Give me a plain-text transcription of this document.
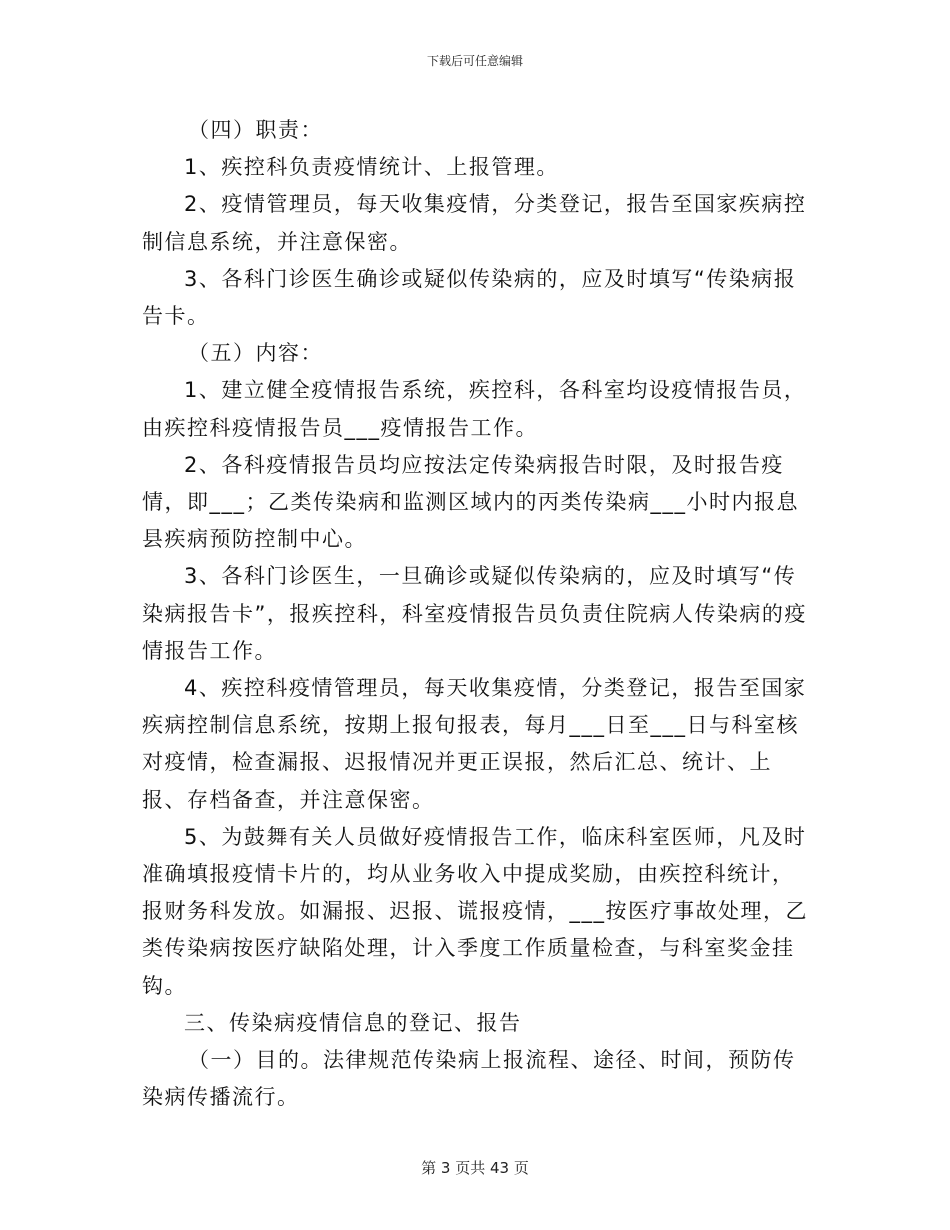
下载后可任意编辑

（四）职责：

1、疾控科负责疫情统计、上报管理。

2、疫情管理员，每天收集疫情，分类登记，报告至国家疾病控制信息系统，并注意保密。

3、各科门诊医生确诊或疑似传染病的，应及时填写“传染病报告卡。

（五）内容：

1、建立健全疫情报告系统，疾控科，各科室均设疫情报告员，由疾控科疫情报告员___疫情报告工作。

2、各科疫情报告员均应按法定传染病报告时限，及时报告疫情，即___；乙类传染病和监测区域内的丙类传染病___小时内报息县疾病预防控制中心。

3、各科门诊医生，一旦确诊或疑似传染病的，应及时填写“传染病报告卡”，报疾控科，科室疫情报告员负责住院病人传染病的疫情报告工作。

4、疾控科疫情管理员，每天收集疫情，分类登记，报告至国家疾病控制信息系统，按期上报旬报表，每月___日至___日与科室核对疫情，检查漏报、迟报情况并更正误报，然后汇总、统计、上报、存档备查，并注意保密。

5、为鼓舞有关人员做好疫情报告工作，临床科室医师，凡及时准确填报疫情卡片的，均从业务收入中提成奖励，由疾控科统计，报财务科发放。如漏报、迟报、谎报疫情，___按医疗事故处理，乙类传染病按医疗缺陷处理，计入季度工作质量检查，与科室奖金挂钩。

三、传染病疫情信息的登记、报告

（一）目的。法律规范传染病上报流程、途径、时间，预防传染病传播流行。

第 3 页共 43 页
